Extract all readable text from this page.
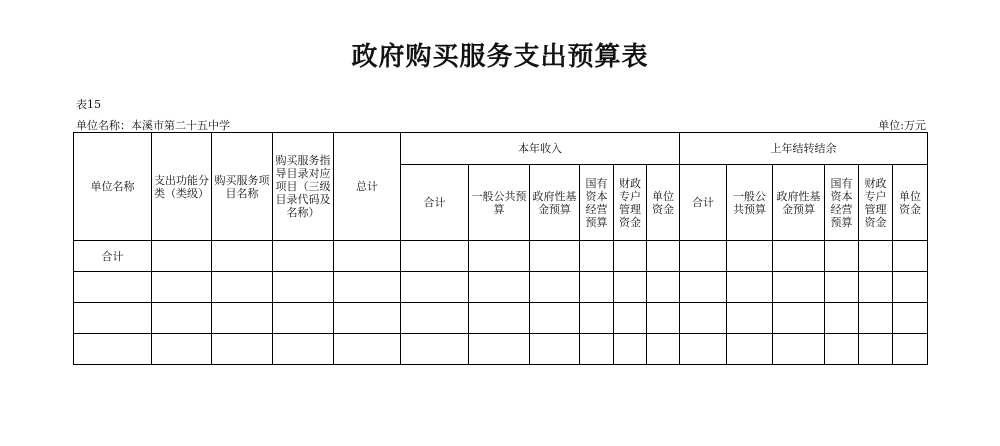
政府购买服务支出预算表
表15
单位名称：本溪市第二十五中学	单位:万元
单位名称	支出功能分类（类级）	购买服务项目名称	购买服务指导目录对应项目（三级目录代码及名称）	总计	本年收入						上年结转结余					
					合计	一般公共预算	政府性基金预算	国有资本经营预算	财政专户管理资金	单位资金	合计	一般公共预算	政府性基金预算	国有资本经营预算	财政专户管理资金	单位资金
合计																
